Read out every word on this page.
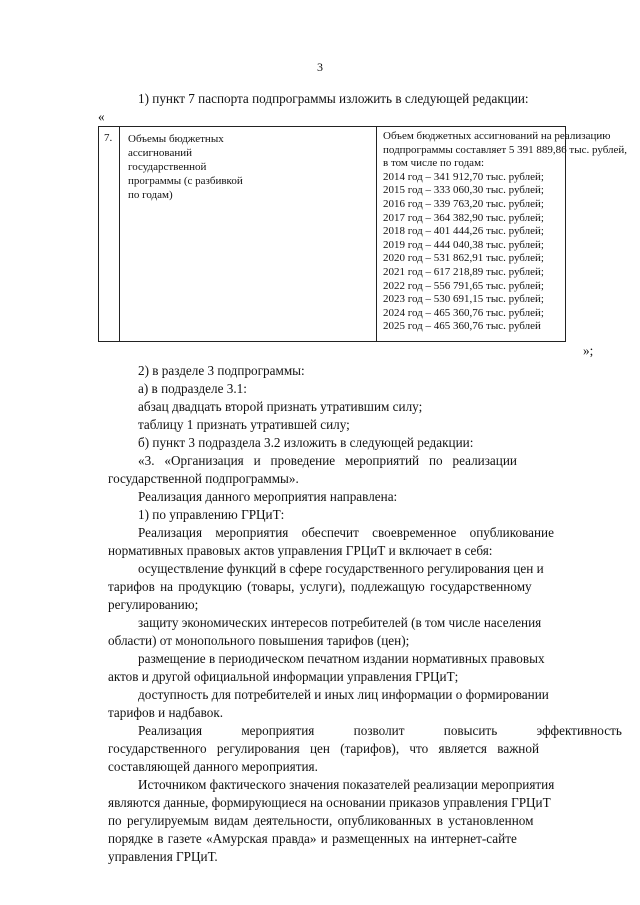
3
1) пункт 7 паспорта подпрограммы изложить в следующей редакции:
«
7.	Объемы бюджетных
ассигнований
государственной
программы (с разбивкой
по годам)
Объем бюджетных ассигнований на реализацию
подпрограммы составляет 5 391 889,86 тыс. рублей,
в том числе по годам:
2014 год – 341 912,70 тыс. рублей;
2015 год – 333 060,30 тыс. рублей;
2016 год – 339 763,20 тыс. рублей;
2017 год – 364 382,90 тыс. рублей;
2018 год – 401 444,26 тыс. рублей;
2019 год – 444 040,38 тыс. рублей;
2020 год – 531 862,91 тыс. рублей;
2021 год – 617 218,89 тыс. рублей;
2022 год – 556 791,65 тыс. рублей;
2023 год – 530 691,15 тыс. рублей;
2024 год – 465 360,76 тыс. рублей;
2025 год – 465 360,76 тыс. рублей
»;
2) в разделе 3 подпрограммы:
а) в подразделе 3.1:
абзац двадцать второй признать утратившим силу;
таблицу 1 признать утратившей силу;
б) пункт 3 подраздела 3.2 изложить в следующей редакции:
«3.   «Организация   и   проведение   мероприятий   по   реализации
государственной подпрограммы».
Реализация данного мероприятия направлена:
1) по управлению ГРЦиТ:
Реализация мероприятия обеспечит своевременное опубликование
нормативных правовых актов управления ГРЦиТ и включает в себя:
осуществление функций в сфере государственного регулирования цен и
тарифов на продукцию (товары, услуги), подлежащую государственному
регулированию;
защиту экономических интересов потребителей (в том числе населения
области) от монопольного повышения тарифов (цен);
размещение в периодическом печатном издании нормативных правовых
актов и другой официальной информации управления ГРЦиТ;
доступность для потребителей и иных лиц информации о формировании
тарифов и надбавок.
Реализация мероприятия позволит повысить эффективность
государственного регулирования цен (тарифов), что является важной
составляющей данного мероприятия.
Источником фактического значения показателей реализации мероприятия
являются данные, формирующиеся на основании приказов управления ГРЦиТ
по регулируемым видам деятельности, опубликованных в установленном
порядке в газете «Амурская правда» и размещенных на интернет-сайте
управления ГРЦиТ.
